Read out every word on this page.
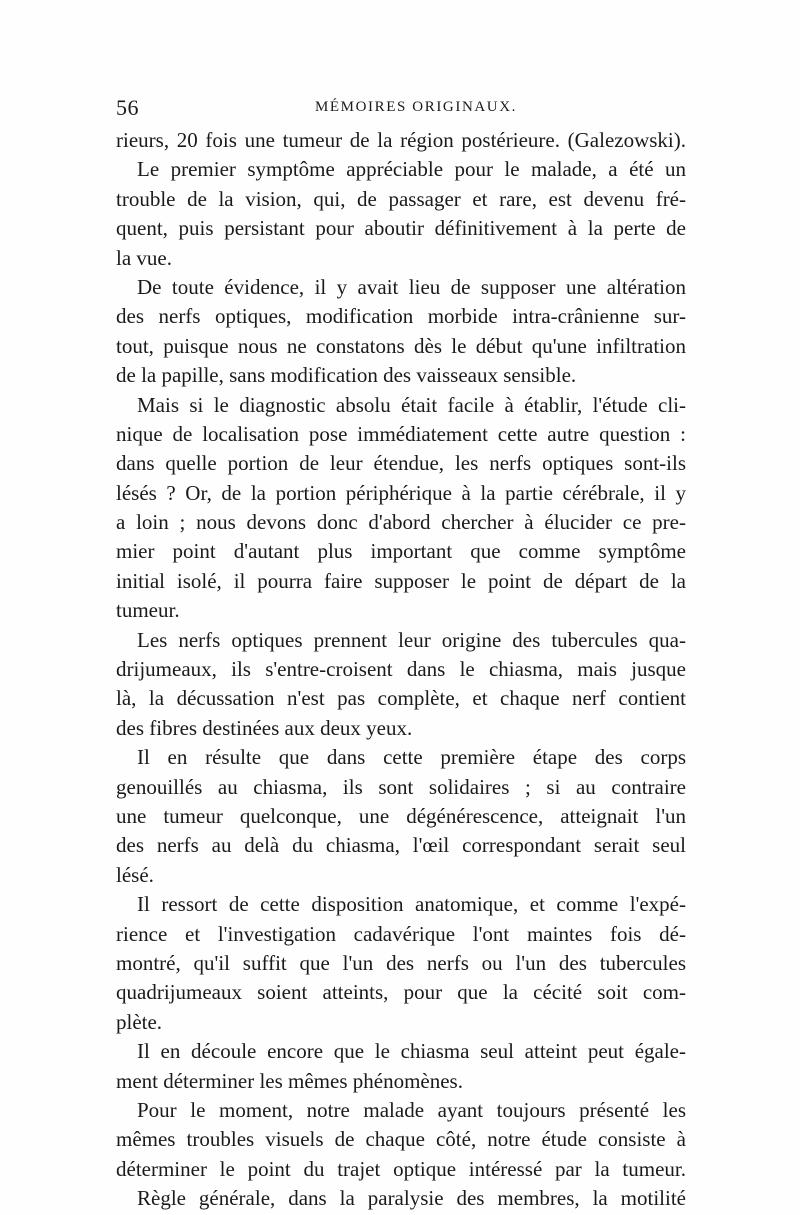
56	MÉMOIRES ORIGINAUX.
rieurs, 20 fois une tumeur de la région postérieure. (Galezowski).
Le premier symptôme appréciable pour le malade, a été un
trouble de la vision, qui, de passager et rare, est devenu fré-
quent, puis persistant pour aboutir définitivement à la perte de
la vue.
De toute évidence, il y avait lieu de supposer une altération
des nerfs optiques, modification morbide intra-crânienne sur-
tout, puisque nous ne constatons dès le début qu'une infiltration
de la papille, sans modification des vaisseaux sensible.
Mais si le diagnostic absolu était facile à établir, l'étude cli-
nique de localisation pose immédiatement cette autre question :
dans quelle portion de leur étendue, les nerfs optiques sont-ils
lésés ? Or, de la portion périphérique à la partie cérébrale, il y
a loin ; nous devons donc d'abord chercher à élucider ce pre-
mier point d'autant plus important que comme symptôme
initial isolé, il pourra faire supposer le point de départ de la
tumeur.
Les nerfs optiques prennent leur origine des tubercules qua-
drijumeaux, ils s'entre-croisent dans le chiasma, mais jusque
là, la décussation n'est pas complète, et chaque nerf contient
des fibres destinées aux deux yeux.
Il en résulte que dans cette première étape des corps
genouillés au chiasma, ils sont solidaires ; si au contraire
une tumeur quelconque, une dégénérescence, atteignait l'un
des nerfs au delà du chiasma, l'œil correspondant serait seul
lésé.
Il ressort de cette disposition anatomique, et comme l'expé-
rience et l'investigation cadavérique l'ont maintes fois dé-
montré, qu'il suffit que l'un des nerfs ou l'un des tubercules
quadrijumeaux soient atteints, pour que la cécité soit com-
plète.
Il en découle encore que le chiasma seul atteint peut égale-
ment déterminer les mêmes phénomènes.
Pour le moment, notre malade ayant toujours présenté les
mêmes troubles visuels de chaque côté, notre étude consiste à
déterminer le point du trajet optique intéressé par la tumeur.
Règle générale, dans la paralysie des membres, la motilité
